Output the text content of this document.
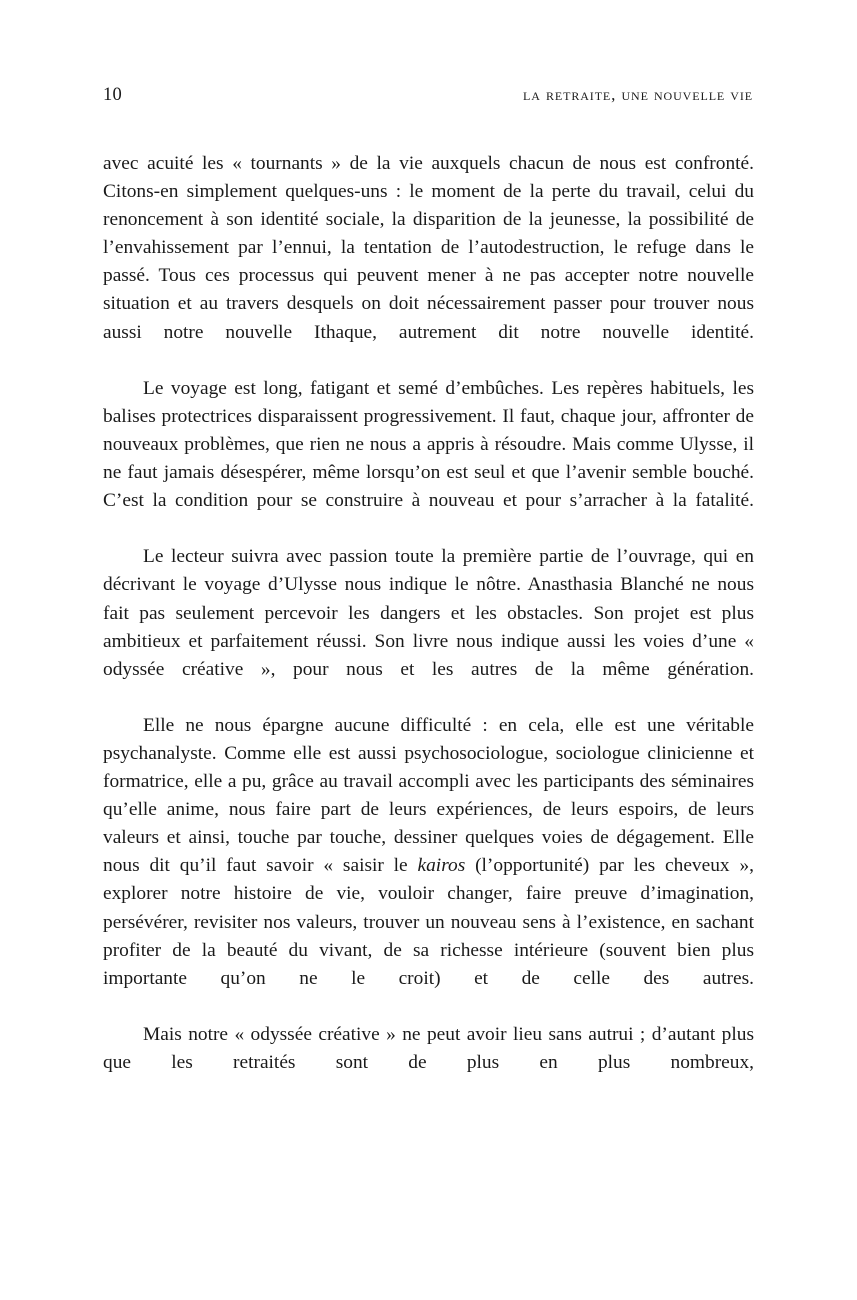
10	la retraite, une nouvelle vie

avec acuité les « tournants » de la vie auxquels chacun de nous est confronté. Citons-en simplement quelques-uns : le moment de la perte du travail, celui du renoncement à son identité sociale, la disparition de la jeunesse, la possibilité de l’envahissement par l’ennui, la tentation de l’autodestruction, le refuge dans le passé. Tous ces processus qui peuvent mener à ne pas accepter notre nouvelle situation et au travers desquels on doit nécessairement passer pour trouver nous aussi notre nouvelle Ithaque, autrement dit notre nouvelle identité.

Le voyage est long, fatigant et semé d’embûches. Les repères habituels, les balises protectrices disparaissent progressivement. Il faut, chaque jour, affronter de nouveaux problèmes, que rien ne nous a appris à résoudre. Mais comme Ulysse, il ne faut jamais désespérer, même lorsqu’on est seul et que l’avenir semble bouché. C’est la condition pour se construire à nouveau et pour s’arracher à la fatalité.

Le lecteur suivra avec passion toute la première partie de l’ouvrage, qui en décrivant le voyage d’Ulysse nous indique le nôtre. Anasthasia Blanché ne nous fait pas seulement percevoir les dangers et les obstacles. Son projet est plus ambitieux et parfaitement réussi. Son livre nous indique aussi les voies d’une « odyssée créative », pour nous et les autres de la même génération.

Elle ne nous épargne aucune difficulté : en cela, elle est une véritable psychanalyste. Comme elle est aussi psychosociologue, sociologue clinicienne et formatrice, elle a pu, grâce au travail accompli avec les participants des séminaires qu’elle anime, nous faire part de leurs expériences, de leurs espoirs, de leurs valeurs et ainsi, touche par touche, dessiner quelques voies de dégagement. Elle nous dit qu’il faut savoir « saisir le kairos (l’opportunité) par les cheveux », explorer notre histoire de vie, vouloir changer, faire preuve d’imagination, persévérer, revisiter nos valeurs, trouver un nouveau sens à l’existence, en sachant profiter de la beauté du vivant, de sa richesse intérieure (souvent bien plus importante qu’on ne le croit) et de celle des autres.

Mais notre « odyssée créative » ne peut avoir lieu sans autrui ; d’autant plus que les retraités sont de plus en plus nombreux,
